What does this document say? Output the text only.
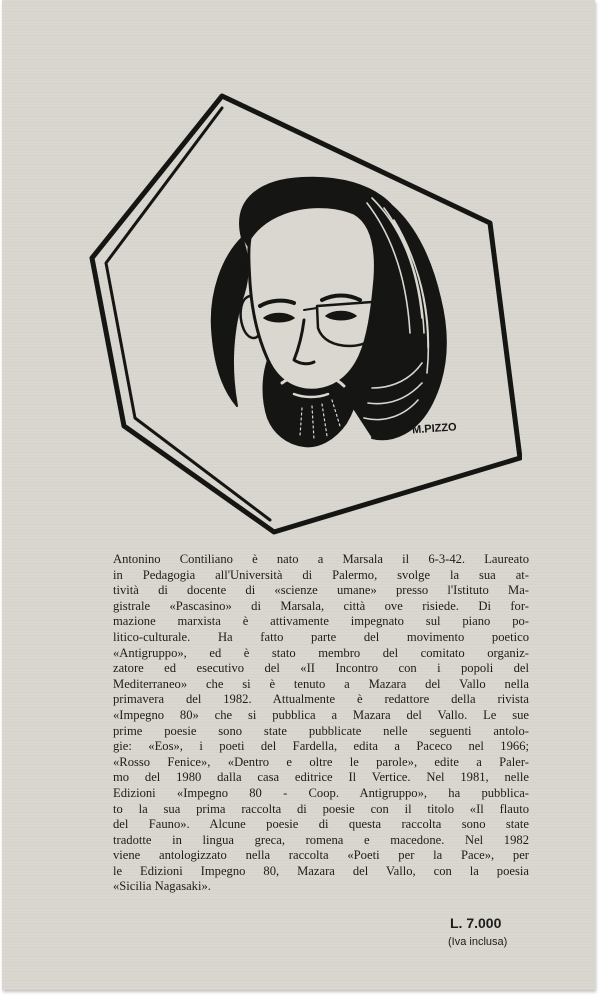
M.PIZZO
Antonino Contiliano è nato a Marsala il 6-3-42. Laureato
in Pedagogia all'Università di Palermo, svolge la sua at-
tività di docente di «scienze umane» presso l'Istituto Ma-
gistrale «Pascasino» di Marsala, città ove risiede. Di for-
mazione marxista è attivamente impegnato sul piano po-
litico-culturale. Ha fatto parte del movimento poetico
«Antigruppo», ed è stato membro del comitato organiz-
zatore ed esecutivo del «II Incontro con i popoli del
Mediterraneo» che si è tenuto a Mazara del Vallo nella
primavera del 1982. Attualmente è redattore della rivista
«Impegno 80» che si pubblica a Mazara del Vallo. Le sue
prime poesie sono state pubblicate nelle seguenti antolo-
gie: «Eos», i poeti del Fardella, edita a Paceco nel 1966;
«Rosso Fenice», «Dentro e oltre le parole», edite a Paler-
mo del 1980 dalla casa editrice Il Vertice. Nel 1981, nelle
Edizioni «Impegno 80 - Coop. Antigruppo», ha pubblica-
to la sua prima raccolta di poesie con il titolo «Il flauto
del Fauno». Alcune poesie di questa raccolta sono state
tradotte in lingua greca, romena e macedone. Nel 1982
viene antologizzato nella raccolta «Poeti per la Pace», per
le Edizioni Impegno 80, Mazara del Vallo, con la poesia
«Sicilia Nagasaki».
L. 7.000
(Iva inclusa)
